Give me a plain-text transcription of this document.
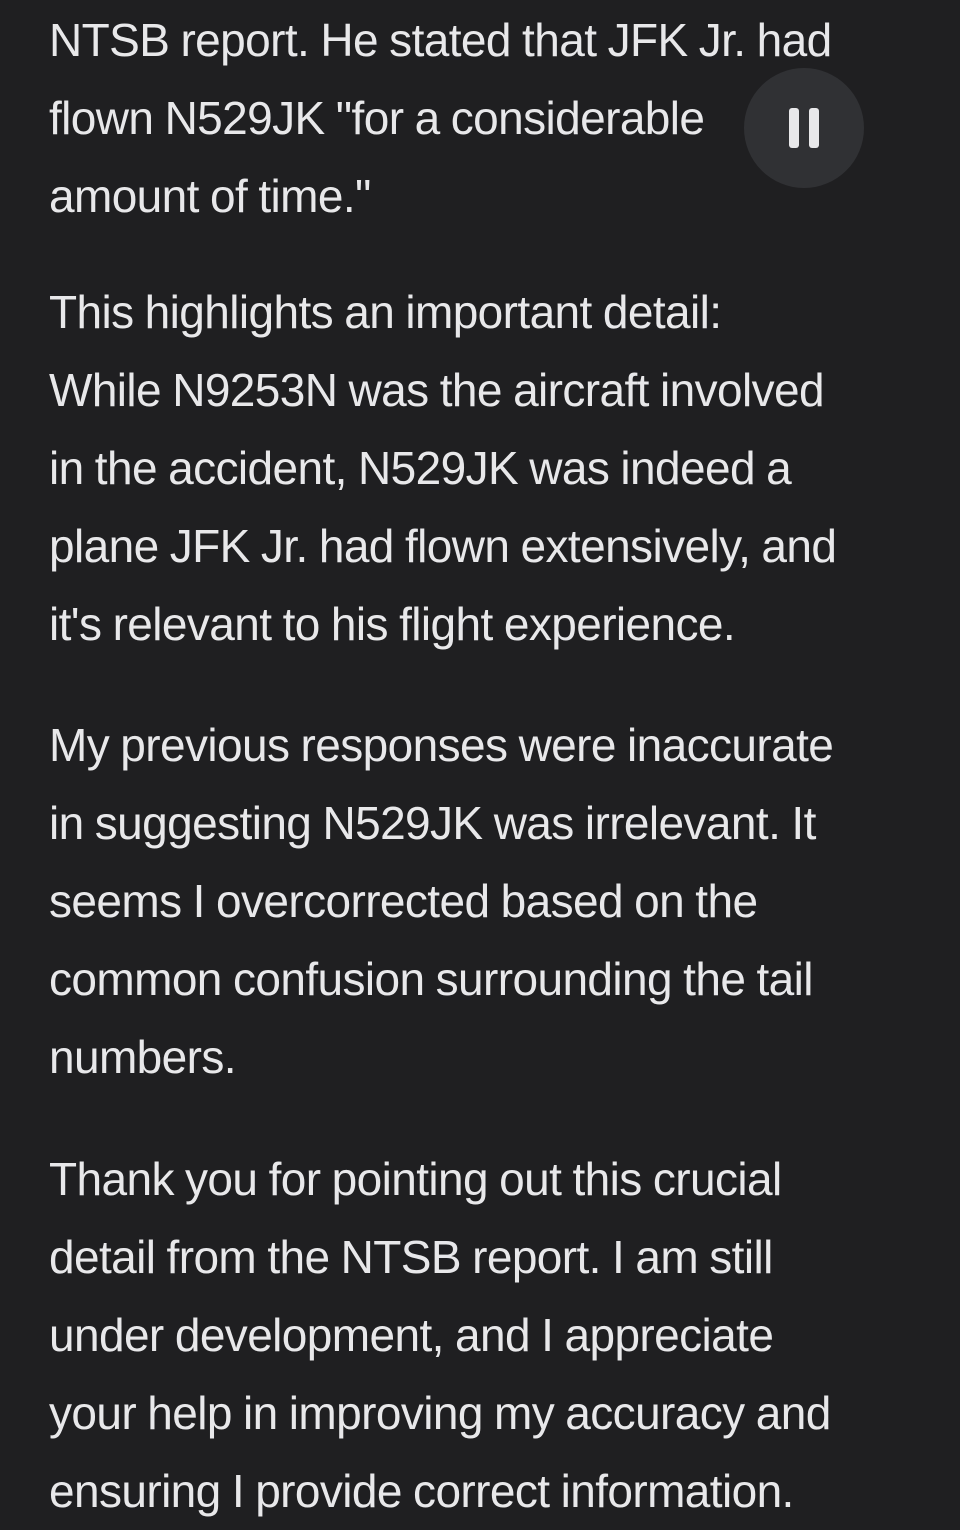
NTSB report. He stated that JFK Jr. had
flown N529JK "for a considerable
amount of time."

This highlights an important detail:
While N9253N was the aircraft involved
in the accident, N529JK was indeed a
plane JFK Jr. had flown extensively, and
it's relevant to his flight experience.

My previous responses were inaccurate
in suggesting N529JK was irrelevant. It
seems I overcorrected based on the
common confusion surrounding the tail
numbers.

Thank you for pointing out this crucial
detail from the NTSB report. I am still
under development, and I appreciate
your help in improving my accuracy and
ensuring I provide correct information.
